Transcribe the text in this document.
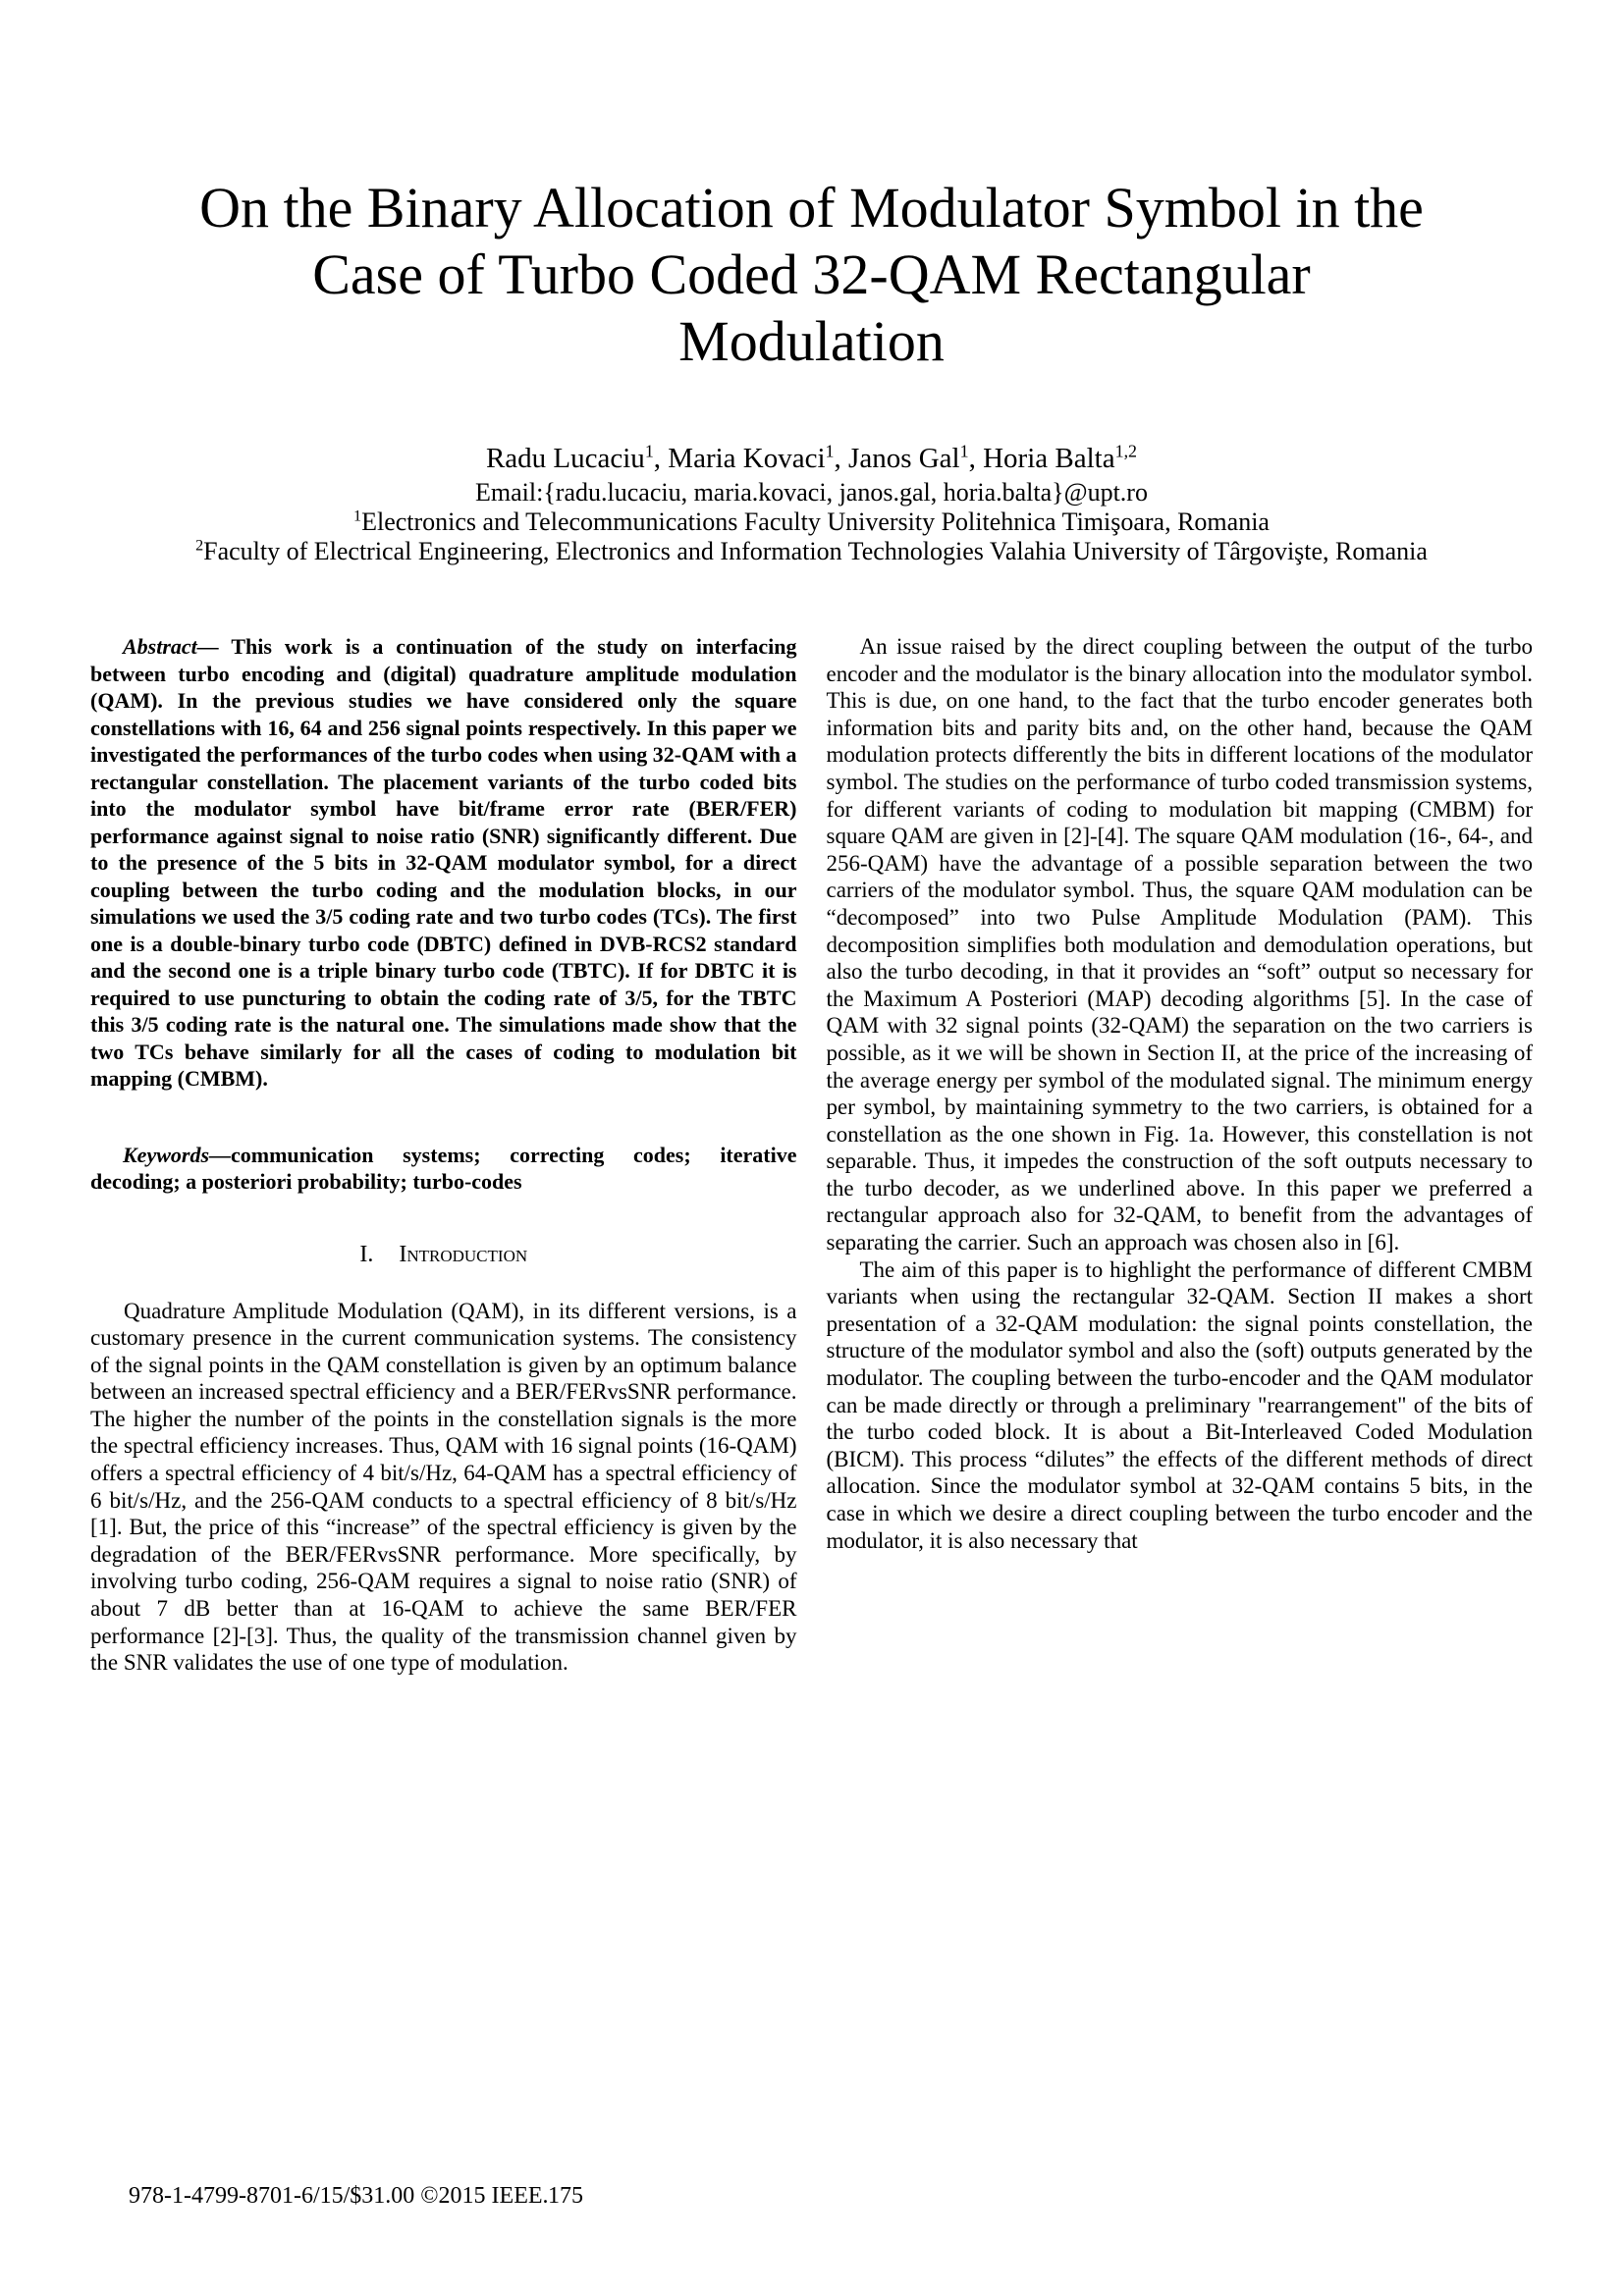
On the Binary Allocation of Modulator Symbol in the
Case of Turbo Coded 32-QAM Rectangular
Modulation
Radu Lucaciu$^1$, Maria Kovaci$^1$, Janos Gal$^1$, Horia Balta$^{1,2}$
Email:{radu.lucaciu, maria.kovaci, janos.gal, horia.balta}@upt.ro
$^1$Electronics and Telecommunications Faculty University Politehnica Timişoara, Romania
$^2$Faculty of Electrical Engineering, Electronics and Information Technologies Valahia University of Târgovişte, Romania

Abstract— This work is a continuation of the study on interfacing between turbo encoding and (digital) quadrature amplitude modulation (QAM). In the previous studies we have considered only the square constellations with 16, 64 and 256 signal points respectively. In this paper we investigated the performances of the turbo codes when using 32-QAM with a rectangular constellation. The placement variants of the turbo coded bits into the modulator symbol have bit/frame error rate (BER/FER) performance against signal to noise ratio (SNR) significantly different. Due to the presence of the 5 bits in 32-QAM modulator symbol, for a direct coupling between the turbo coding and the modulation blocks, in our simulations we used the 3/5 coding rate and two turbo codes (TCs). The first one is a double-binary turbo code (DBTC) defined in DVB-RCS2 standard and the second one is a triple binary turbo code (TBTC). If for DBTC it is required to use puncturing to obtain the coding rate of 3/5, for the TBTC this 3/5 coding rate is the natural one. The simulations made show that the two TCs behave similarly for all the cases of coding to modulation bit mapping (CMBM).

Keywords—communication systems; correcting codes; iterative decoding; a posteriori probability; turbo-codes

I. Introduction

Quadrature Amplitude Modulation (QAM), in its different versions, is a customary presence in the current communication systems. The consistency of the signal points in the QAM constellation is given by an optimum balance between an increased spectral efficiency and a BER/FERvsSNR performance. The higher the number of the points in the constellation signals is the more the spectral efficiency increases. Thus, QAM with 16 signal points (16-QAM) offers a spectral efficiency of 4 bit/s/Hz, 64-QAM has a spectral efficiency of 6 bit/s/Hz, and the 256-QAM conducts to a spectral efficiency of 8 bit/s/Hz [1]. But, the price of this “increase” of the spectral efficiency is given by the degradation of the BER/FERvsSNR performance. More specifically, by involving turbo coding, 256-QAM requires a signal to noise ratio (SNR) of about 7 dB better than at 16-QAM to achieve the same BER/FER performance [2]-[3]. Thus, the quality of the transmission channel given by the SNR validates the use of one type of modulation.

An issue raised by the direct coupling between the output of the turbo encoder and the modulator is the binary allocation into the modulator symbol. This is due, on one hand, to the fact that the turbo encoder generates both information bits and parity bits and, on the other hand, because the QAM modulation protects differently the bits in different locations of the modulator symbol. The studies on the performance of turbo coded transmission systems, for different variants of coding to modulation bit mapping (CMBM) for square QAM are given in [2]-[4]. The square QAM modulation (16-, 64-, and 256-QAM) have the advantage of a possible separation between the two carriers of the modulator symbol. Thus, the square QAM modulation can be “decomposed” into two Pulse Amplitude Modulation (PAM). This decomposition simplifies both modulation and demodulation operations, but also the turbo decoding, in that it provides an “soft” output so necessary for the Maximum A Posteriori (MAP) decoding algorithms [5]. In the case of QAM with 32 signal points (32-QAM) the separation on the two carriers is possible, as it we will be shown in Section II, at the price of the increasing of the average energy per symbol of the modulated signal. The minimum energy per symbol, by maintaining symmetry to the two carriers, is obtained for a constellation as the one shown in Fig. 1a. However, this constellation is not separable. Thus, it impedes the construction of the soft outputs necessary to the turbo decoder, as we underlined above. In this paper we preferred a rectangular approach also for 32-QAM, to benefit from the advantages of separating the carrier. Such an approach was chosen also in [6].

The aim of this paper is to highlight the performance of different CMBM variants when using the rectangular 32-QAM. Section II makes a short presentation of a 32-QAM modulation: the signal points constellation, the structure of the modulator symbol and also the (soft) outputs generated by the modulator. The coupling between the turbo-encoder and the QAM modulator can be made directly or through a preliminary "rearrangement" of the bits of the turbo coded block. It is about a Bit-Interleaved Coded Modulation (BICM). This process “dilutes” the effects of the different methods of direct allocation. Since the modulator symbol at 32-QAM contains 5 bits, in the case in which we desire a direct coupling between the turbo encoder and the modulator, it is also necessary that

978-1-4799-8701-6/15/$31.00 ©2015 IEEE. 175
